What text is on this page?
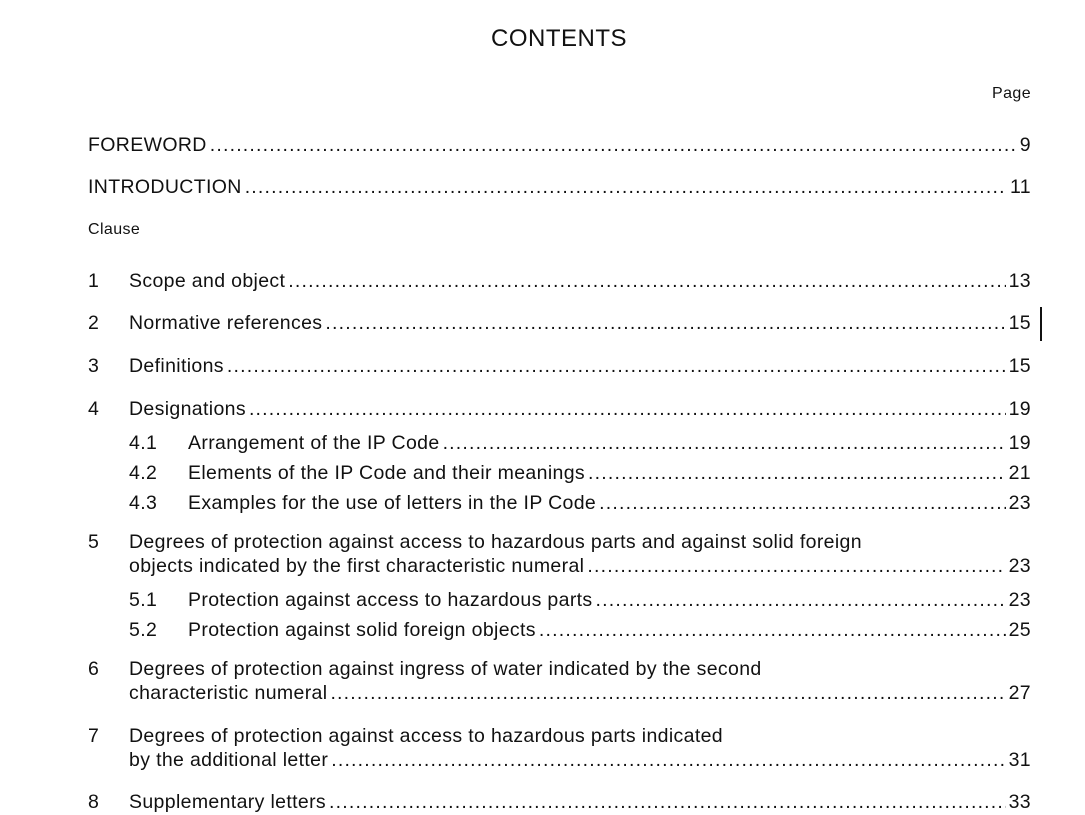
CONTENTS
Page
FOREWORD .....	9
INTRODUCTION .....	11
Clause
1	Scope and object .....	13
2	Normative references .....	15
3	Definitions .....	15
4	Designations .....	19
4.1	Arrangement of the IP Code .....	19
4.2	Elements of the IP Code and their meanings .....	21
4.3	Examples for the use of letters in the IP Code .....	23
5 Degrees of protection against access to hazardous parts and against solid foreign
objects indicated by the first characteristic numeral .....	23
5.1	Protection against access to hazardous parts .....	23
5.2	Protection against solid foreign objects .....	25
6 Degrees of protection against ingress of water indicated by the second
characteristic numeral .....	27
7 Degrees of protection against access to hazardous parts indicated
by the additional letter .....	31
8	Supplementary letters .....	33
